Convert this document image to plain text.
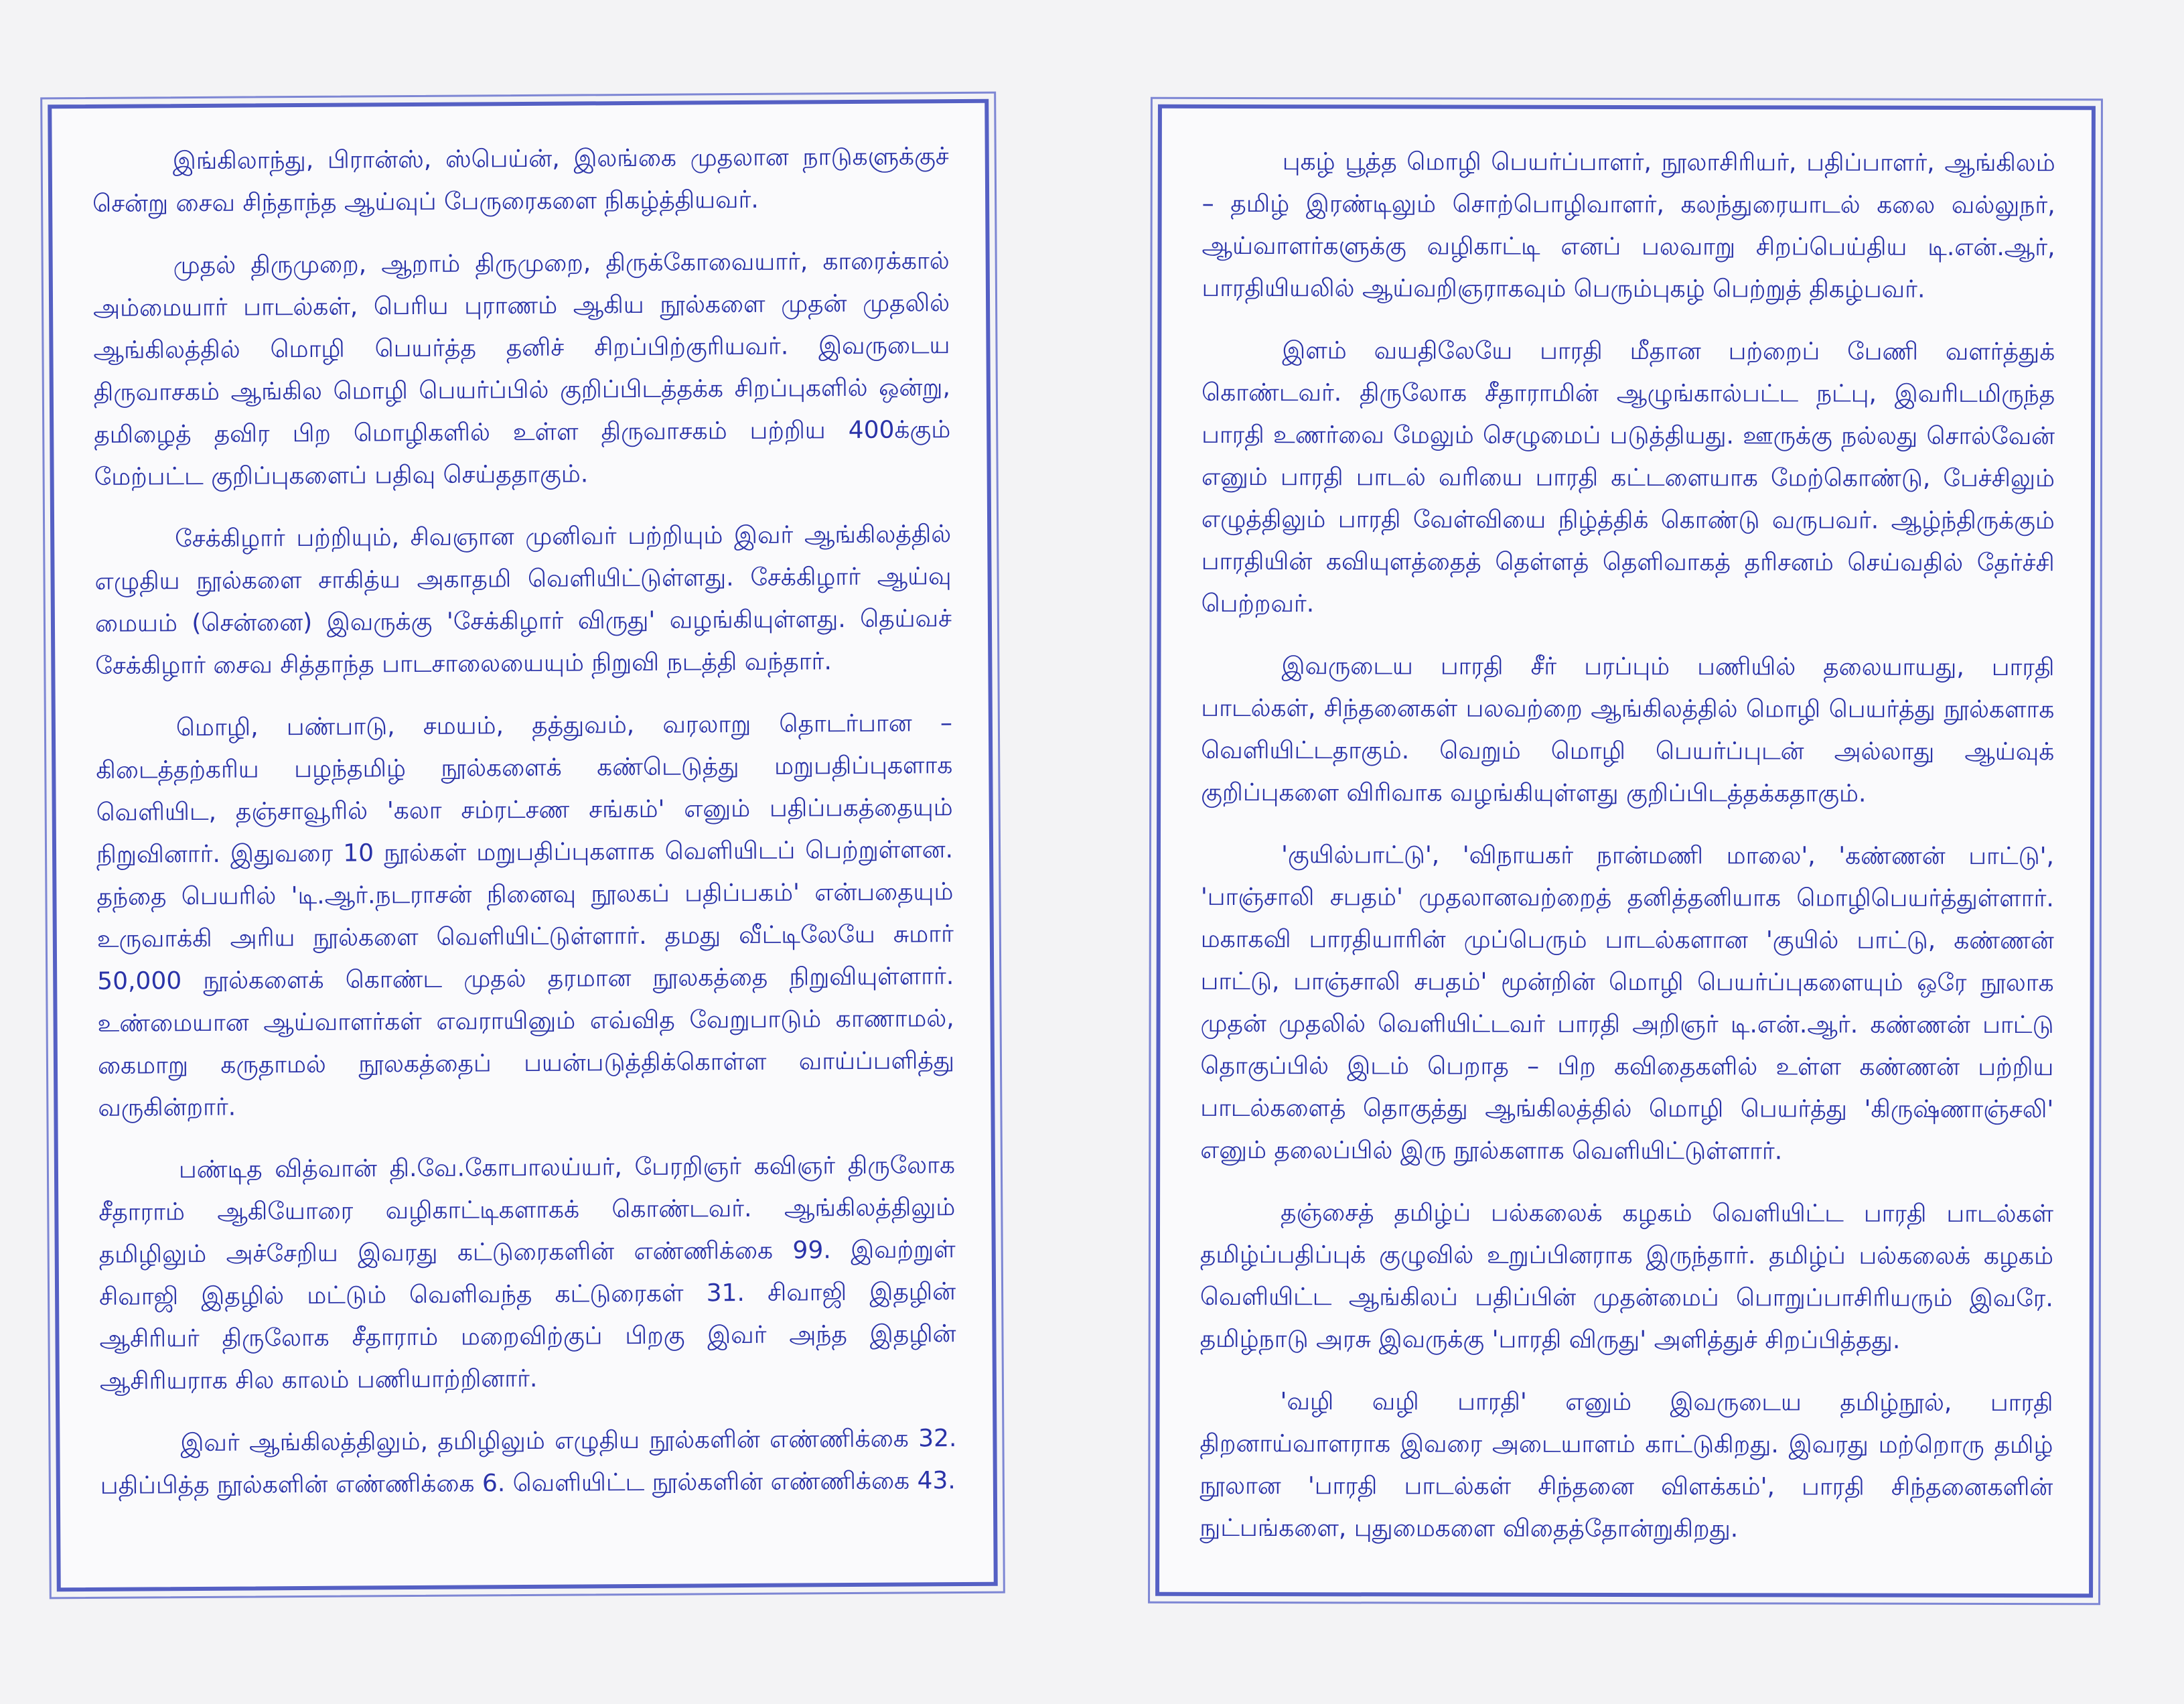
இங்கிலாந்து, பிரான்ஸ், ஸ்பெய்ன், இலங்கை முதலான நாடுகளுக்குச் சென்று சைவ சிந்தாந்த ஆய்வுப் பேருரைகளை நிகழ்த்தியவர்.

முதல் திருமுறை, ஆறாம் திருமுறை, திருக்கோவையார், காரைக்கால் அம்மையார் பாடல்கள், பெரிய புராணம் ஆகிய நூல்களை முதன் முதலில் ஆங்கிலத்தில் மொழி பெயர்த்த தனிச் சிறப்பிற்குரியவர். இவருடைய திருவாசகம் ஆங்கில மொழி பெயர்ப்பில் குறிப்பிடத்தக்க சிறப்புகளில் ஒன்று, தமிழைத் தவிர பிற மொழிகளில் உள்ள திருவாசகம் பற்றிய 400க்கும் மேற்பட்ட குறிப்புகளைப் பதிவு செய்ததாகும்.

சேக்கிழார் பற்றியும், சிவஞான முனிவர் பற்றியும் இவர் ஆங்கிலத்தில் எழுதிய நூல்களை சாகித்ய அகாதமி வெளியிட்டுள்ளது. சேக்கிழார் ஆய்வு மையம் (சென்னை) இவருக்கு 'சேக்கிழார் விருது' வழங்கியுள்ளது. தெய்வச் சேக்கிழார் சைவ சித்தாந்த பாடசாலையையும் நிறுவி நடத்தி வந்தார்.

மொழி, பண்பாடு, சமயம், தத்துவம், வரலாறு தொடர்பான – கிடைத்தற்கரிய பழந்தமிழ் நூல்களைக் கண்டெடுத்து மறுபதிப்புகளாக வெளியிட, தஞ்சாவூரில் 'கலா சம்ரட்சண சங்கம்' எனும் பதிப்பகத்தையும் நிறுவினார். இதுவரை 10 நூல்கள் மறுபதிப்புகளாக வெளியிடப் பெற்றுள்ளன. தந்தை பெயரில் 'டி.ஆர்.நடராசன் நினைவு நூலகப் பதிப்பகம்' என்பதையும் உருவாக்கி அரிய நூல்களை வெளியிட்டுள்ளார். தமது வீட்டிலேயே சுமார் 50,000 நூல்களைக் கொண்ட முதல் தரமான நூலகத்தை நிறுவியுள்ளார். உண்மையான ஆய்வாளர்கள் எவராயினும் எவ்வித வேறுபாடும் காணாமல், கைமாறு கருதாமல் நூலகத்தைப் பயன்படுத்திக்கொள்ள வாய்ப்பளித்து வருகின்றார்.

பண்டித வித்வான் தி.வே.கோபாலய்யர், பேரறிஞர் கவிஞர் திருலோக சீதாராம் ஆகியோரை வழிகாட்டிகளாகக் கொண்டவர். ஆங்கிலத்திலும் தமிழிலும் அச்சேறிய இவரது கட்டுரைகளின் எண்ணிக்கை 99. இவற்றுள் சிவாஜி இதழில் மட்டும் வெளிவந்த கட்டுரைகள் 31. சிவாஜி இதழின் ஆசிரியர் திருலோக சீதாராம் மறைவிற்குப் பிறகு இவர் அந்த இதழின் ஆசிரியராக சில காலம் பணியாற்றினார்.

இவர் ஆங்கிலத்திலும், தமிழிலும் எழுதிய நூல்களின் எண்ணிக்கை 32. பதிப்பித்த நூல்களின் எண்ணிக்கை 6. வெளியிட்ட நூல்களின் எண்ணிக்கை 43.

புகழ் பூத்த மொழி பெயர்ப்பாளர், நூலாசிரியர், பதிப்பாளர், ஆங்கிலம் – தமிழ் இரண்டிலும் சொற்பொழிவாளர், கலந்துரையாடல் கலை வல்லுநர், ஆய்வாளர்களுக்கு வழிகாட்டி எனப் பலவாறு சிறப்பெய்திய டி.என்.ஆர், பாரதியியலில் ஆய்வறிஞராகவும் பெரும்புகழ் பெற்றுத் திகழ்பவர்.

இளம் வயதிலேயே பாரதி மீதான பற்றைப் பேணி வளர்த்துக் கொண்டவர். திருலோக சீதாராமின் ஆழுங்கால்பட்ட நட்பு, இவரிடமிருந்த பாரதி உணர்வை மேலும் செழுமைப் படுத்தியது. ஊருக்கு நல்லது சொல்வேன் எனும் பாரதி பாடல் வரியை பாரதி கட்டளையாக மேற்கொண்டு, பேச்சிலும் எழுத்திலும் பாரதி வேள்வியை நிழ்த்திக் கொண்டு வருபவர். ஆழ்ந்திருக்கும் பாரதியின் கவியுளத்தைத் தெள்ளத் தெளிவாகத் தரிசனம் செய்வதில் தேர்ச்சி பெற்றவர்.

இவருடைய பாரதி சீர் பரப்பும் பணியில் தலையாயது, பாரதி பாடல்கள், சிந்தனைகள் பலவற்றை ஆங்கிலத்தில் மொழி பெயர்த்து நூல்களாக வெளியிட்டதாகும். வெறும் மொழி பெயர்ப்புடன் அல்லாது ஆய்வுக் குறிப்புகளை விரிவாக வழங்கியுள்ளது குறிப்பிடத்தக்கதாகும்.

'குயில்பாட்டு', 'விநாயகர் நான்மணி மாலை', 'கண்ணன் பாட்டு', 'பாஞ்சாலி சபதம்' முதலானவற்றைத் தனித்தனியாக மொழிபெயர்த்துள்ளார். மகாகவி பாரதியாரின் முப்பெரும் பாடல்களான 'குயில் பாட்டு, கண்ணன் பாட்டு, பாஞ்சாலி சபதம்' மூன்றின் மொழி பெயர்ப்புகளையும் ஒரே நூலாக முதன் முதலில் வெளியிட்டவர் பாரதி அறிஞர் டி.என்.ஆர். கண்ணன் பாட்டு தொகுப்பில் இடம் பெறாத – பிற கவிதைகளில் உள்ள கண்ணன் பற்றிய பாடல்களைத் தொகுத்து ஆங்கிலத்தில் மொழி பெயர்த்து 'கிருஷ்ணாஞ்சலி' எனும் தலைப்பில் இரு நூல்களாக வெளியிட்டுள்ளார்.

தஞ்சைத் தமிழ்ப் பல்கலைக் கழகம் வெளியிட்ட பாரதி பாடல்கள் தமிழ்ப்பதிப்புக் குழுவில் உறுப்பினராக இருந்தார். தமிழ்ப் பல்கலைக் கழகம் வெளியிட்ட ஆங்கிலப் பதிப்பின் முதன்மைப் பொறுப்பாசிரியரும் இவரே. தமிழ்நாடு அரசு இவருக்கு 'பாரதி விருது' அளித்துச் சிறப்பித்தது.

'வழி வழி பாரதி' எனும் இவருடைய தமிழ்நூல், பாரதி திறனாய்வாளராக இவரை அடையாளம் காட்டுகிறது. இவரது மற்றொரு தமிழ் நூலான 'பாரதி பாடல்கள் சிந்தனை விளக்கம்', பாரதி சிந்தனைகளின் நுட்பங்களை, புதுமைகளை விதைத்தோன்றுகிறது.
